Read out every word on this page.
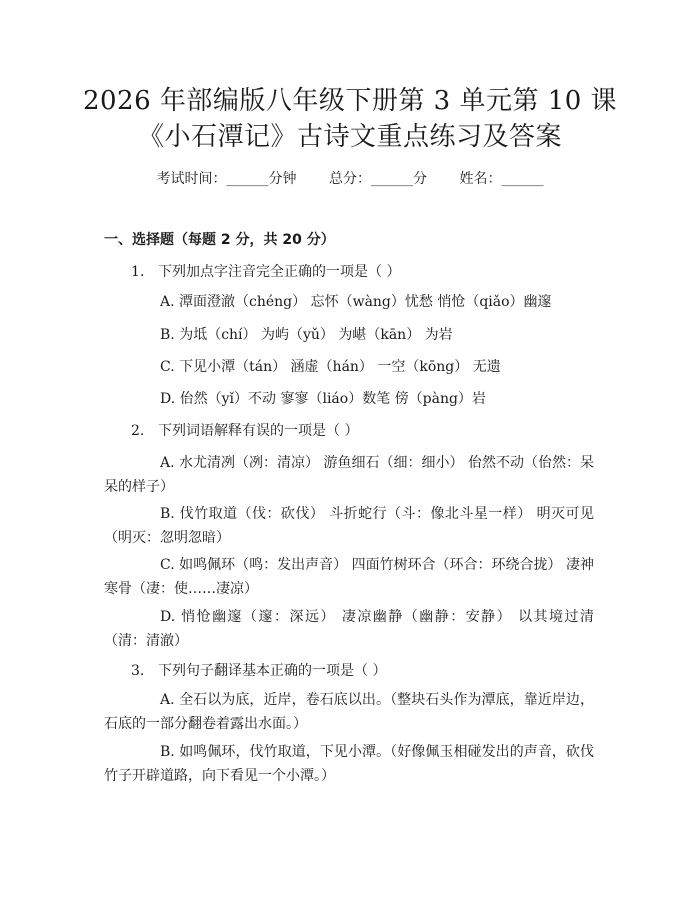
2026 年部编版八年级下册第 3 单元第 10 课
《小石潭记》古诗文重点练习及答案
考试时间：______分钟 总分：______分 姓名：______
一、选择题（每题 2 分，共 20 分）
1. 下列加点字注音完全正确的一项是（ ）
A. 潭面澄澈（chéng） 忘怀（wàng）忧愁 悄怆（qiǎo）幽邃
B. 为坻（chí） 为屿（yǔ） 为嵁（kān） 为岩
C. 下见小潭（tán） 涵虚（hán） 一空（kōng） 无遗
D. 佁然（yǐ）不动 寥寥（liáo）数笔 傍（pàng）岩
2. 下列词语解释有误的一项是（ ）
A. 水尤清冽（冽：清凉） 游鱼细石（细：细小） 佁然不动（佁然：呆呆的样子）
B. 伐竹取道（伐：砍伐） 斗折蛇行（斗：像北斗星一样） 明灭可见（明灭：忽明忽暗）
C. 如鸣佩环（鸣：发出声音） 四面竹树环合（环合：环绕合拢） 凄神寒骨（凄：使……凄凉）
D. 悄怆幽邃（邃：深远） 凄凉幽静（幽静：安静） 以其境过清（清：清澈）
3. 下列句子翻译基本正确的一项是（ ）
A. 全石以为底，近岸，卷石底以出。（整块石头作为潭底，靠近岸边，石底的一部分翻卷着露出水面。）
B. 如鸣佩环，伐竹取道，下见小潭。（好像佩玉相碰发出的声音，砍伐竹子开辟道路，向下看见一个小潭。）
